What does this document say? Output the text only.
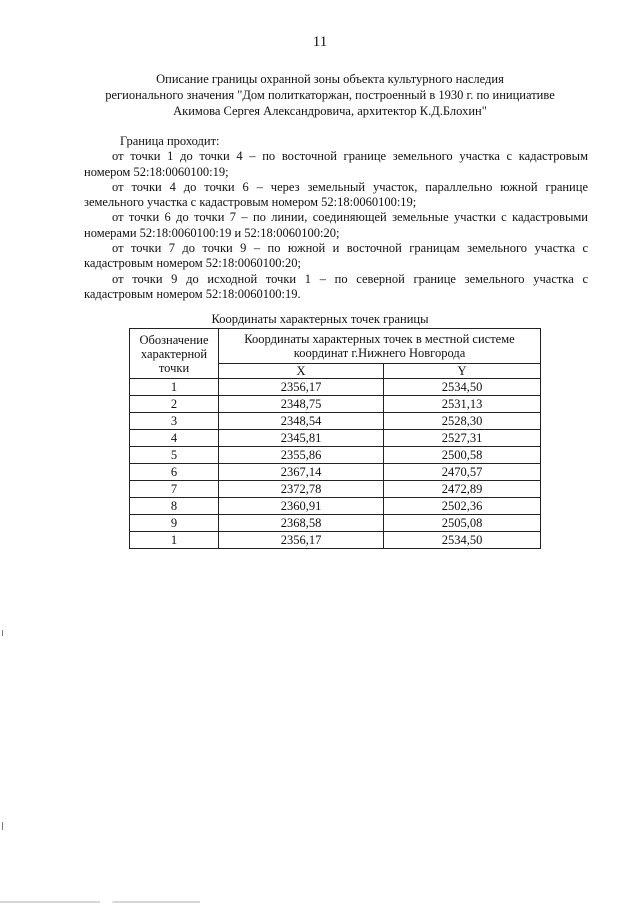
11
Описание границы охранной зоны объекта культурного наследия
регионального значения "Дом политкаторжан, построенный в 1930 г. по инициативе
Акимова Сергея Александровича, архитектор К.Д.Блохин"

Граница проходит:

от точки 1 до точки 4 – по восточной границе земельного участка с кадастровым номером 52:18:0060100:19;

от точки 4 до точки 6 – через земельный участок, параллельно южной границе земельного участка с кадастровым номером 52:18:0060100:19;

от точки 6 до точки 7 – по линии, соединяющей земельные участки с кадастровыми номерами 52:18:0060100:19 и 52:18:0060100:20;

от точки 7 до точки 9 – по южной и восточной границам земельного участка с кадастровым номером 52:18:0060100:20;

от точки 9 до исходной точки 1 – по северной границе земельного участка с кадастровым номером 52:18:0060100:19.

Координаты характерных точек границы
Обозначение характерной точки	Координаты характерных точек в местной системе координат г.Нижнего Новгорода	
	X	Y
1	2356,17	2534,50
2	2348,75	2531,13
3	2348,54	2528,30
4	2345,81	2527,31
5	2355,86	2500,58
6	2367,14	2470,57
7	2372,78	2472,89
8	2360,91	2502,36
9	2368,58	2505,08
1	2356,17	2534,50
